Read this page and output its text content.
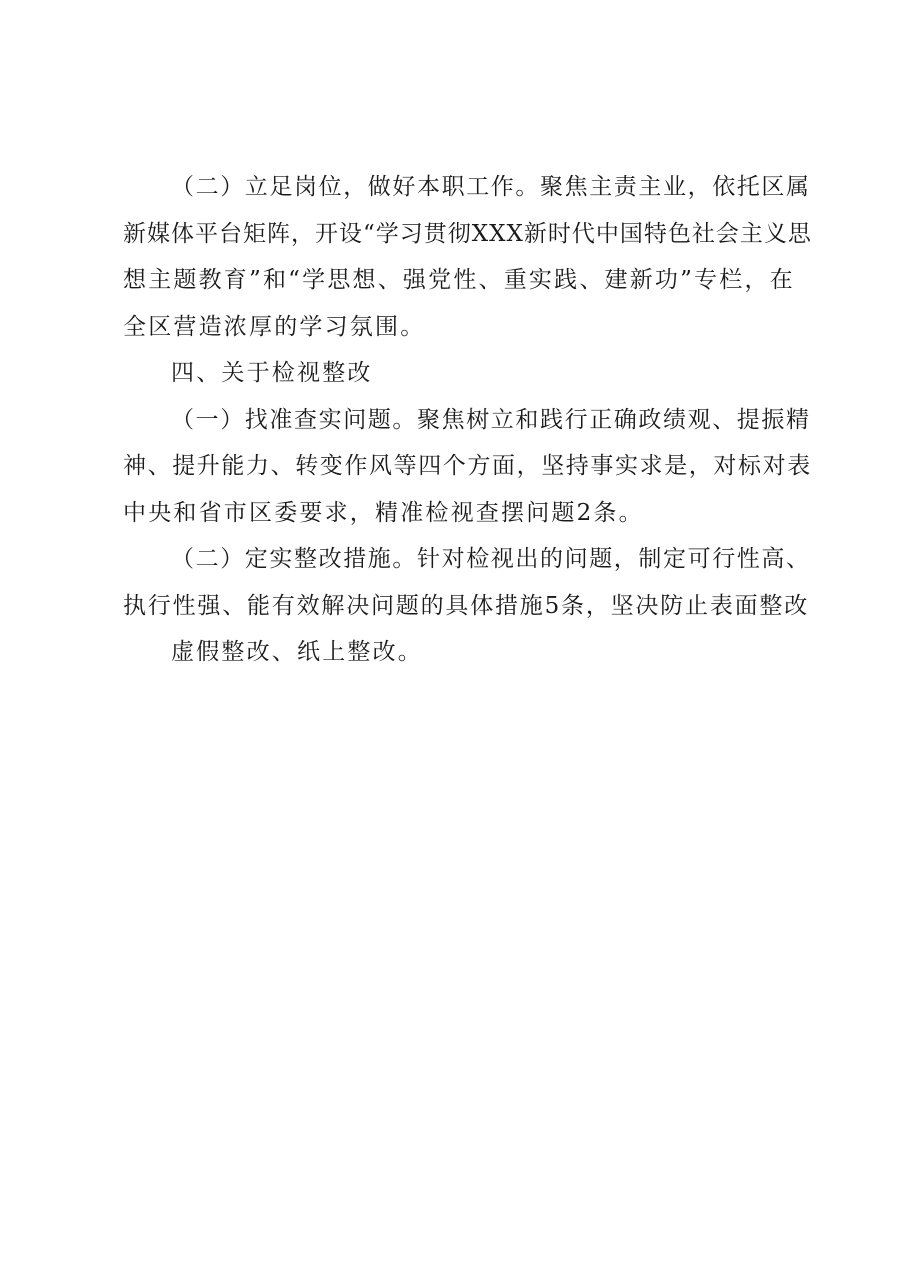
（二）立足岗位，做好本职工作。聚焦主责主业，依托区属
新媒体平台矩阵，开设“学习贯彻XXX新时代中国特色社会主义思
想主题教育”和“学思想、强党性、重实践、建新功”专栏，在
全区营造浓厚的学习氛围。
四、关于检视整改
（一）找准查实问题。聚焦树立和践行正确政绩观、提振精
神、提升能力、转变作风等四个方面，坚持事实求是，对标对表
中央和省市区委要求，精准检视查摆问题2条。
（二）定实整改措施。针对检视出的问题，制定可行性高、
执行性强、能有效解决问题的具体措施5条，坚决防止表面整改
虚假整改、纸上整改。
